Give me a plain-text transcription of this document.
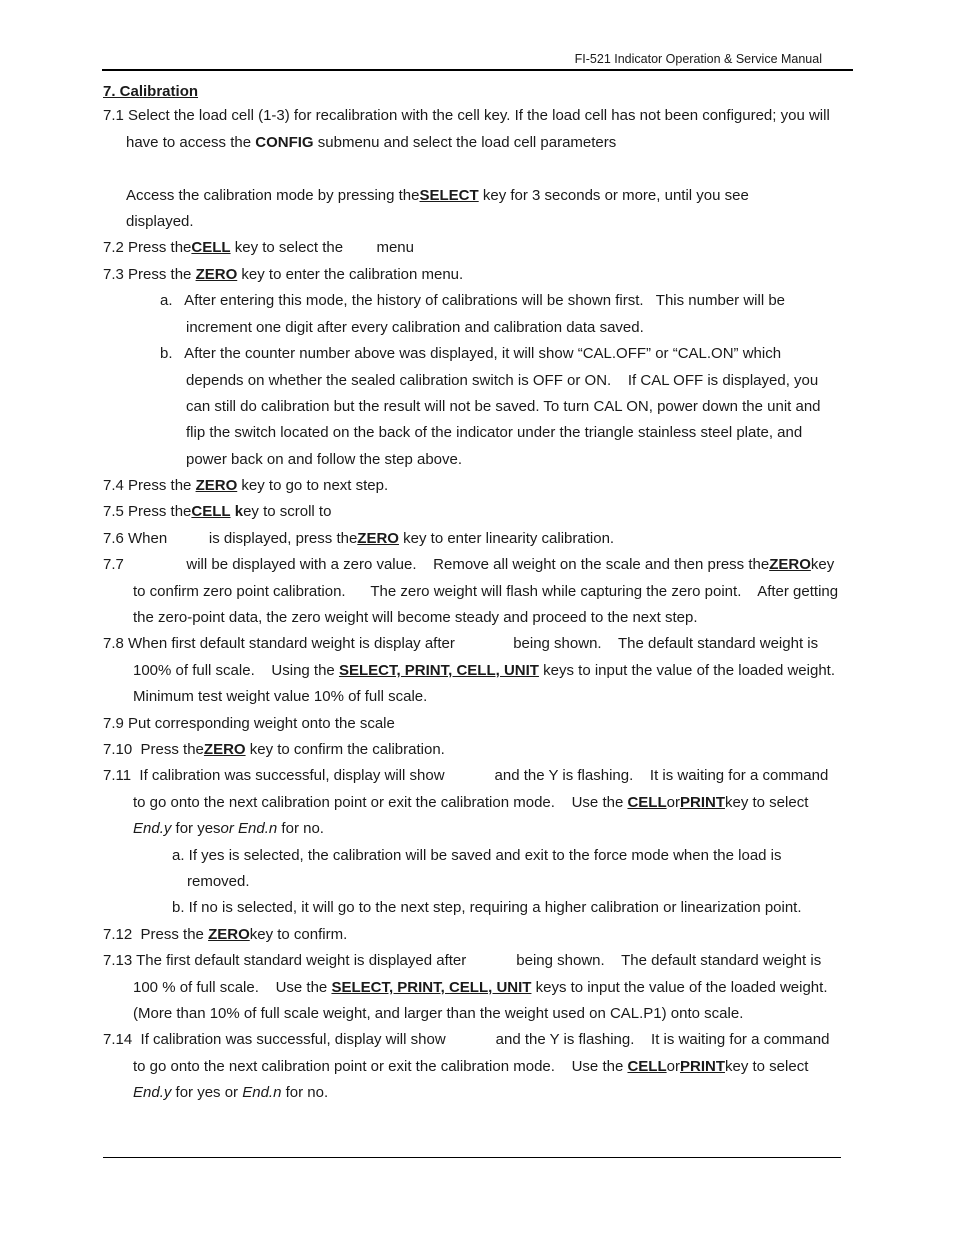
FI-521 Indicator Operation & Service Manual
7. Calibration
7.1 Select the load cell (1-3) for recalibration with the cell key. If the load cell has not been configured; you will
have to access the CONFIG submenu and select the load cell parameters
Access the calibration mode by pressing theSELECT key for 3 seconds or more, until you see
displayed.
7.2 Press theCELL key to select the        menu
7.3 Press the ZERO key to enter the calibration menu.
a.   After entering this mode, the history of calibrations will be shown first.   This number will be
increment one digit after every calibration and calibration data saved.
b.   After the counter number above was displayed, it will show “CAL.OFF” or “CAL.ON” which
depends on whether the sealed calibration switch is OFF or ON.    If CAL OFF is displayed, you
can still do calibration but the result will not be saved. To turn CAL ON, power down the unit and
flip the switch located on the back of the indicator under the triangle stainless steel plate, and
power back on and follow the step above.
7.4 Press the ZERO key to go to next step.
7.5 Press theCELL key to scroll to
7.6 When          is displayed, press theZERO key to enter linearity calibration.
7.7               will be displayed with a zero value.    Remove all weight on the scale and then press theZEROkey
to confirm zero point calibration.      The zero weight will flash while capturing the zero point.    After getting
the zero-point data, the zero weight will become steady and proceed to the next step.
7.8 When first default standard weight is display after              being shown.    The default standard weight is
100% of full scale.    Using the SELECT, PRINT, CELL, UNIT keys to input the value of the loaded weight.
Minimum test weight value 10% of full scale.
7.9 Put corresponding weight onto the scale
7.10  Press theZERO key to confirm the calibration.
7.11  If calibration was successful, display will show            and the Y is flashing.    It is waiting for a command
to go onto the next calibration point or exit the calibration mode.    Use the CELLorPRINTkey to select
End.y for yesor End.n for no.
a. If yes is selected, the calibration will be saved and exit to the force mode when the load is
removed.
b. If no is selected, it will go to the next step, requiring a higher calibration or linearization point.
7.12  Press the ZEROkey to confirm.
7.13 The first default standard weight is displayed after            being shown.    The default standard weight is
100 % of full scale.    Use the SELECT, PRINT, CELL, UNIT keys to input the value of the loaded weight.
(More than 10% of full scale weight, and larger than the weight used on CAL.P1) onto scale.
7.14  If calibration was successful, display will show            and the Y is flashing.    It is waiting for a command
to go onto the next calibration point or exit the calibration mode.    Use the CELLorPRINTkey to select
End.y for yes or End.n for no.
